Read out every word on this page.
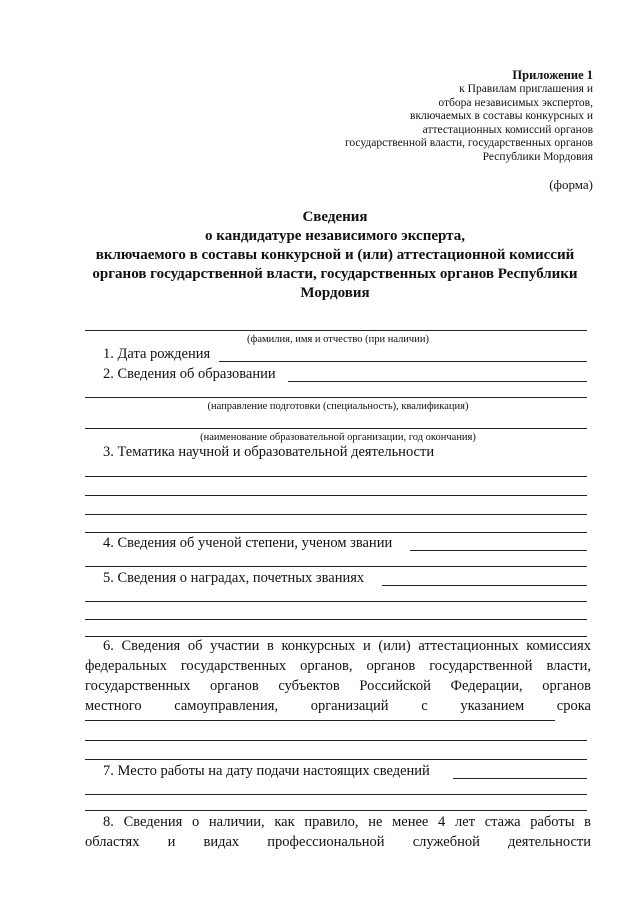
Приложение 1
к Правилам приглашения и
отбора независимых экспертов,
включаемых в составы конкурсных и
аттестационных комиссий органов
государственной власти, государственных органов
Республики Мордовия
(форма)
Сведения
о кандидатуре независимого эксперта,
включаемого в составы конкурсной и (или) аттестационной комиссий
органов государственной власти, государственных органов Республики
Мордовия
(фамилия, имя и отчество (при наличии)
1. Дата рождения
2. Сведения об образовании
(направление подготовки (специальность), квалификация)
(наименование образовательной организации, год окончания)
3. Тематика научной и образовательной деятельности
4. Сведения об ученой степени, ученом звании
5. Сведения о наградах, почетных званиях
6. Сведения об участии в конкурсных и (или) аттестационных комиссиях
федеральных государственных органов, органов государственной власти,
государственных органов субъектов Российской Федерации, органов
местного самоуправления, организаций с указанием срока
7. Место работы на дату подачи настоящих сведений
8. Сведения о наличии, как правило, не менее 4 лет стажа работы в
областях и видах профессиональной служебной деятельности
